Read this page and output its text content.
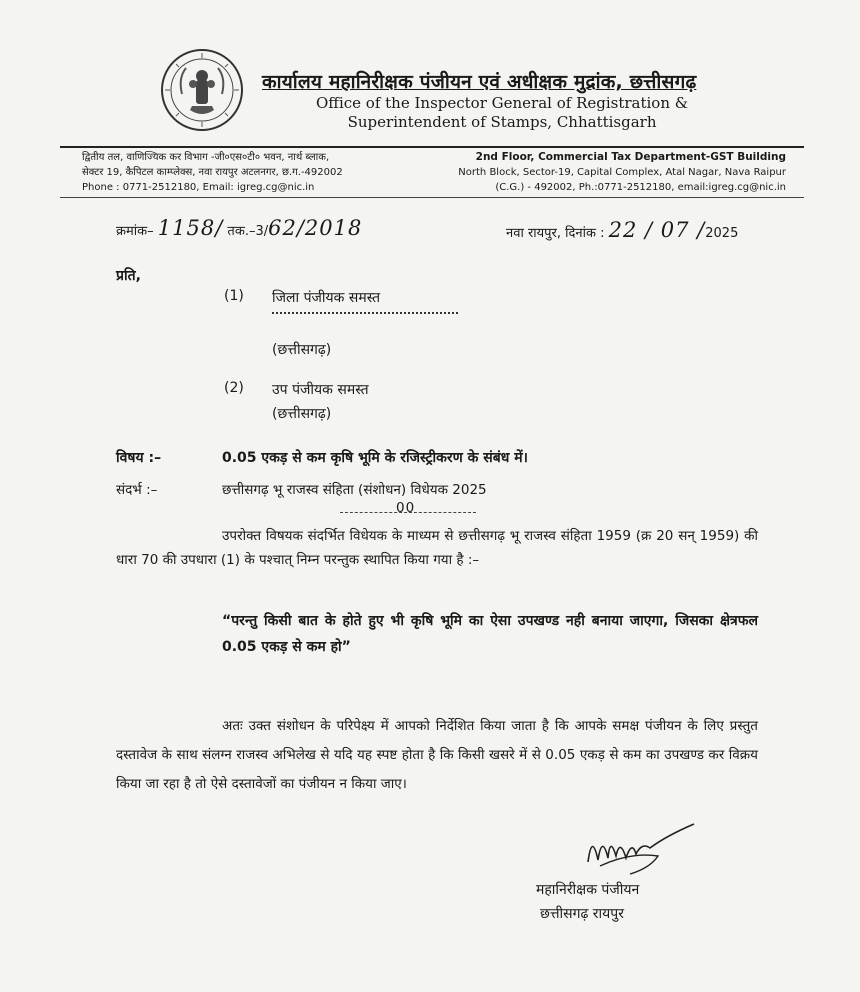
कार्यालय महानिरीक्षक पंजीयन एवं अधीक्षक मुद्रांक, छत्तीसगढ़
Office of the Inspector General of Registration &
Superintendent of Stamps, Chhattisgarh
द्वितीय तल, वाणिज्यिक कर विभाग -जी०एस०टी० भवन, नार्थ ब्लाक,
सेक्टर 19, कैपिटल काम्प्लेक्स, नवा रायपुर अटलनगर, छ.ग.-492002
Phone : 0771-2512180, Email: igreg.cg@nic.in
2nd Floor, Commercial Tax Department-GST Building
North Block, Sector-19, Capital Complex, Atal Nagar, Nava Raipur
(C.G.) - 492002, Ph.:0771-2512180, email:igreg.cg@nic.in
क्रमांक– 1158/ तक.–3/62/2018	नवा रायपुर, दिनांक : 22 / 07 /2025
प्रति,
(1) जिला पंजीयक समस्त
(छत्तीसगढ़)
(2) उप पंजीयक समस्त
(छत्तीसगढ़)
विषय :–	0.05 एकड़ से कम कृषि भूमि के रजिस्ट्रीकरण के संबंध में।
संदर्भ :–	छत्तीसगढ़ भू राजस्व संहिता (संशोधन) विधेयक 2025
00
उपरोक्त विषयक संदर्भित विधेयक के माध्यम से छत्तीसगढ़ भू राजस्व संहिता 1959 (क्र 20 सन् 1959) की धारा 70 की उपधारा (1) के पश्चात् निम्न परन्तुक स्थापित किया गया है :–
“परन्तु किसी बात के होते हुए भी कृषि भूमि का ऐसा उपखण्ड नही बनाया जाएगा, जिसका क्षेत्रफल 0.05 एकड़ से कम हो”
अतः उक्त संशोधन के परिपेक्ष्य में आपको निर्देशित किया जाता है कि आपके समक्ष पंजीयन के लिए प्रस्तुत दस्तावेज के साथ संलग्न राजस्व अभिलेख से यदि यह स्पष्ट होता है कि किसी खसरे में से 0.05 एकड़ से कम का उपखण्ड कर विक्रय किया जा रहा है तो ऐसे दस्तावेजों का पंजीयन न किया जाए।
महानिरीक्षक पंजीयन
छत्तीसगढ़ रायपुर
